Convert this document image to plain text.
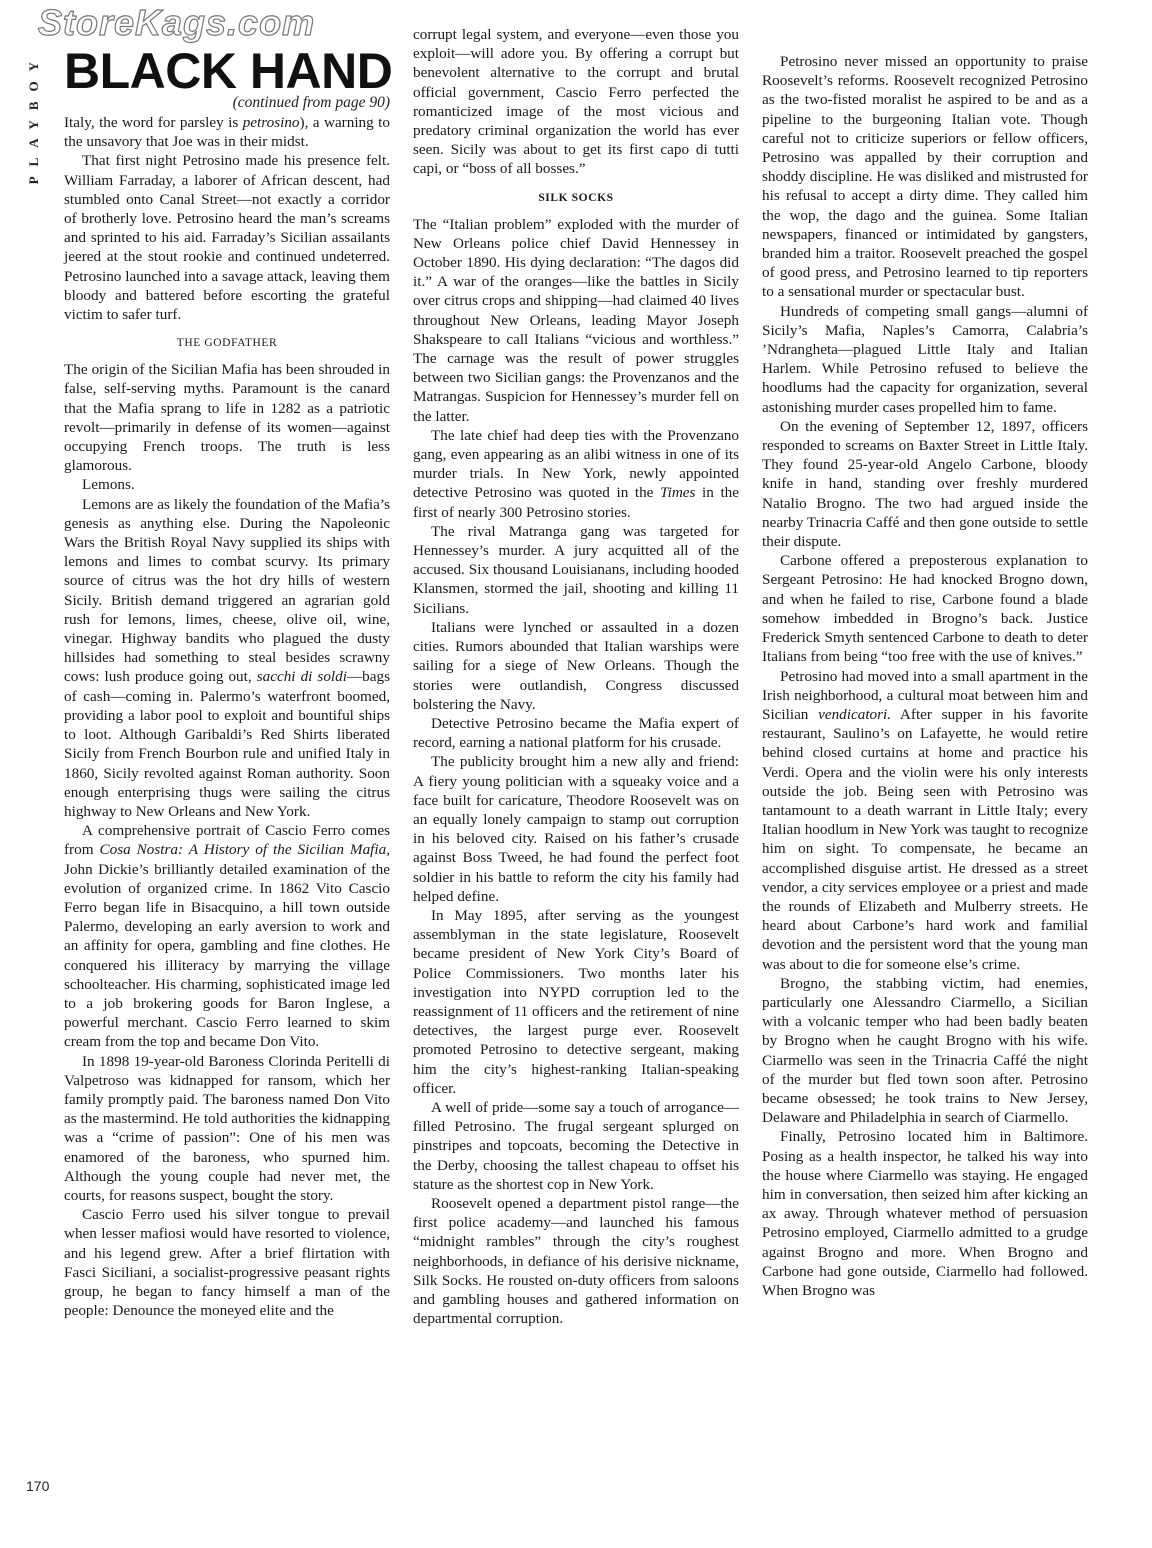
StoreKags.com
PLAYBOY BLACK HAND
(continued from page 90)

Italy, the word for parsley is petrosino), a warning to the unsavory that Joe was in their midst.

That first night Petrosino made his presence felt. William Farraday, a laborer of African descent, had stumbled onto Canal Street—not exactly a corridor of brotherly love. Petrosino heard the man’s screams and sprinted to his aid. Farraday’s Sicilian assailants jeered at the stout rookie and continued undeterred. Petrosino launched into a savage attack, leaving them bloody and battered before escorting the grateful victim to safer turf.

THE GODFATHER

The origin of the Sicilian Mafia has been shrouded in false, self-serving myths. Paramount is the canard that the Mafia sprang to life in 1282 as a patriotic revolt—primarily in defense of its women—against occupying French troops. The truth is less glamorous.

Lemons.

Lemons are as likely the foundation of the Mafia’s genesis as anything else. During the Napoleonic Wars the British Royal Navy supplied its ships with lemons and limes to combat scurvy. Its primary source of citrus was the hot dry hills of western Sicily. British demand triggered an agrarian gold rush for lemons, limes, cheese, olive oil, wine, vinegar. Highway bandits who plagued the dusty hillsides had something to steal besides scrawny cows: lush produce going out, sacchi di soldi—bags of cash—coming in. Palermo’s waterfront boomed, providing a labor pool to exploit and bountiful ships to loot. Although Garibaldi’s Red Shirts liberated Sicily from French Bourbon rule and unified Italy in 1860, Sicily revolted against Roman authority. Soon enough enterprising thugs were sailing the citrus highway to New Orleans and New York.

A comprehensive portrait of Cascio Ferro comes from Cosa Nostra: A History of the Sicilian Mafia, John Dickie’s brilliantly detailed examination of the evolution of organized crime. In 1862 Vito Cascio Ferro began life in Bisacquino, a hill town outside Palermo, developing an early aversion to work and an affinity for opera, gambling and fine clothes. He conquered his illiteracy by marrying the village schoolteacher. His charming, sophisticated image led to a job brokering goods for Baron Inglese, a powerful merchant. Cascio Ferro learned to skim cream from the top and became Don Vito.

In 1898 19-year-old Baroness Clorinda Peritelli di Valpetroso was kidnapped for ransom, which her family promptly paid. The baroness named Don Vito as the mastermind. He told authorities the kidnapping was a “crime of passion”: One of his men was enamored of the baroness, who spurned him. Although the young couple had never met, the courts, for reasons suspect, bought the story.

Cascio Ferro used his silver tongue to prevail when lesser mafiosi would have resorted to violence, and his legend grew. After a brief flirtation with Fasci Siciliani, a socialist-progressive peasant rights group, he began to fancy himself a man of the people: Denounce the moneyed elite and the

corrupt legal system, and everyone—even those you exploit—will adore you. By offering a corrupt but benevolent alternative to the corrupt and brutal official government, Cascio Ferro perfected the romanticized image of the most vicious and predatory criminal organization the world has ever seen. Sicily was about to get its first capo di tutti capi, or “boss of all bosses.”

SILK SOCKS

The “Italian problem” exploded with the murder of New Orleans police chief David Hennessey in October 1890. His dying declaration: “The dagos did it.” A war of the oranges—like the battles in Sicily over citrus crops and shipping—had claimed 40 lives throughout New Orleans, leading Mayor Joseph Shakspeare to call Italians “vicious and worthless.” The carnage was the result of power struggles between two Sicilian gangs: the Provenzanos and the Matrangas. Suspicion for Hennessey’s murder fell on the latter.

The late chief had deep ties with the Provenzano gang, even appearing as an alibi witness in one of its murder trials. In New York, newly appointed detective Petrosino was quoted in the Times in the first of nearly 300 Petrosino stories.

The rival Matranga gang was targeted for Hennessey’s murder. A jury acquitted all of the accused. Six thousand Louisianans, including hooded Klansmen, stormed the jail, shooting and killing 11 Sicilians.

Italians were lynched or assaulted in a dozen cities. Rumors abounded that Italian warships were sailing for a siege of New Orleans. Though the stories were outlandish, Congress discussed bolstering the Navy.

Detective Petrosino became the Mafia expert of record, earning a national platform for his crusade.

The publicity brought him a new ally and friend: A fiery young politician with a squeaky voice and a face built for caricature, Theodore Roosevelt was on an equally lonely campaign to stamp out corruption in his beloved city. Raised on his father’s crusade against Boss Tweed, he had found the perfect foot soldier in his battle to reform the city his family had helped define.

In May 1895, after serving as the youngest assemblyman in the state legislature, Roosevelt became president of New York City’s Board of Police Commissioners. Two months later his investigation into NYPD corruption led to the reassignment of 11 officers and the retirement of nine detectives, the largest purge ever. Roosevelt promoted Petrosino to detective sergeant, making him the city’s highest-ranking Italian-speaking officer.

A well of pride—some say a touch of arrogance—filled Petrosino. The frugal sergeant splurged on pinstripes and topcoats, becoming the Detective in the Derby, choosing the tallest chapeau to offset his stature as the shortest cop in New York.

Roosevelt opened a department pistol range—the first police academy—and launched his famous “midnight rambles” through the city’s roughest neighborhoods, in defiance of his derisive nickname, Silk Socks. He rousted on-duty officers from saloons and gambling houses and gathered information on departmental corruption.

Petrosino never missed an opportunity to praise Roosevelt’s reforms. Roosevelt recognized Petrosino as the two-fisted moralist he aspired to be and as a pipeline to the burgeoning Italian vote. Though careful not to criticize superiors or fellow officers, Petrosino was appalled by their corruption and shoddy discipline. He was disliked and mistrusted for his refusal to accept a dirty dime. They called him the wop, the dago and the guinea. Some Italian newspapers, financed or intimidated by gangsters, branded him a traitor. Roosevelt preached the gospel of good press, and Petrosino learned to tip reporters to a sensational murder or spectacular bust.

Hundreds of competing small gangs—alumni of Sicily’s Mafia, Naples’s Camorra, Calabria’s ’Ndrangheta—plagued Little Italy and Italian Harlem. While Petrosino refused to believe the hoodlums had the capacity for organization, several astonishing murder cases propelled him to fame.

On the evening of September 12, 1897, officers responded to screams on Baxter Street in Little Italy. They found 25-year-old Angelo Carbone, bloody knife in hand, standing over freshly murdered Natalio Brogno. The two had argued inside the nearby Trinacria Caffé and then gone outside to settle their dispute.

Carbone offered a preposterous explanation to Sergeant Petrosino: He had knocked Brogno down, and when he failed to rise, Carbone found a blade somehow imbedded in Brogno’s back. Justice Frederick Smyth sentenced Carbone to death to deter Italians from being “too free with the use of knives.”

Petrosino had moved into a small apartment in the Irish neighborhood, a cultural moat between him and Sicilian vendicatori. After supper in his favorite restaurant, Saulino’s on Lafayette, he would retire behind closed curtains at home and practice his Verdi. Opera and the violin were his only interests outside the job. Being seen with Petrosino was tantamount to a death warrant in Little Italy; every Italian hoodlum in New York was taught to recognize him on sight. To compensate, he became an accomplished disguise artist. He dressed as a street vendor, a city services employee or a priest and made the rounds of Elizabeth and Mulberry streets. He heard about Carbone’s hard work and familial devotion and the persistent word that the young man was about to die for someone else’s crime.

Brogno, the stabbing victim, had enemies, particularly one Alessandro Ciarmello, a Sicilian with a volcanic temper who had been badly beaten by Brogno when he caught Brogno with his wife. Ciarmello was seen in the Trinacria Caffé the night of the murder but fled town soon after. Petrosino became obsessed; he took trains to New Jersey, Delaware and Philadelphia in search of Ciarmello.

Finally, Petrosino located him in Baltimore. Posing as a health inspector, he talked his way into the house where Ciarmello was staying. He engaged him in conversation, then seized him after kicking an ax away. Through whatever method of persuasion Petrosino employed, Ciarmello admitted to a grudge against Brogno and more. When Brogno and Carbone had gone outside, Ciarmello had followed. When Brogno was

170
